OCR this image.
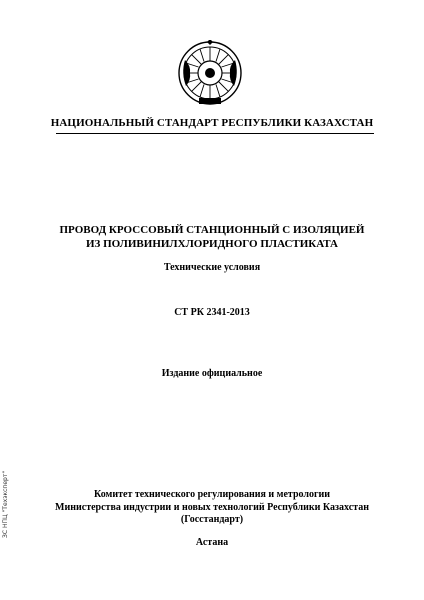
НАЦИОНАЛЬНЫЙ СТАНДАРТ РЕСПУБЛИКИ КАЗАХСТАН
ПРОВОД КРОССОВЫЙ СТАНЦИОННЫЙ С ИЗОЛЯЦИЕЙ
ИЗ ПОЛИВИНИЛХЛОРИДНОГО ПЛАСТИКАТА
Технические условия
СТ РК 2341-2013
Издание официальное
Комитет технического регулирования и метрологии
Министерства индустрии и новых технологий Республики Казахстан
(Госстандарт)
Астана
ЗС НПЦ "Техэксперт"
